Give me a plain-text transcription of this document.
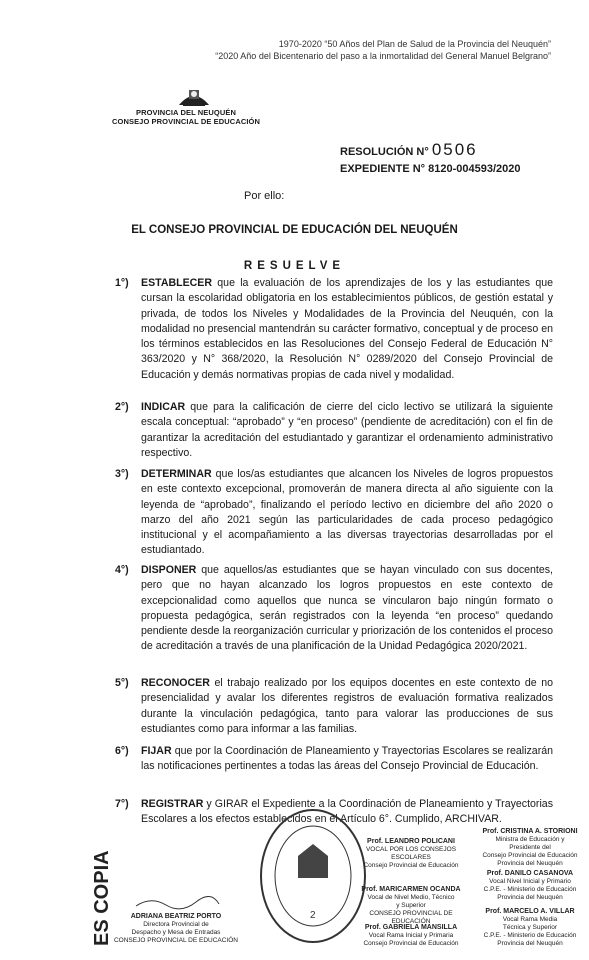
1970-2020 “50 Años del Plan de Salud de la Provincia del Neuquén”
“2020 Año del Bicentenario del paso a la inmortalidad del General Manuel Belgrano”
PROVINCIA DEL NEUQUÉN
CONSEJO PROVINCIAL DE EDUCACIÓN
RESOLUCIÓN N° 0506
EXPEDIENTE N° 8120-004593/2020
Por ello:
EL CONSEJO PROVINCIAL DE EDUCACIÓN DEL NEUQUÉN
RESUELVE
1°) ESTABLECER que la evaluación de los aprendizajes de los y las estudiantes que cursan la escolaridad obligatoria en los establecimientos públicos, de gestión estatal y privada, de todos los Niveles y Modalidades de la Provincia del Neuquén, con la modalidad no presencial mantendrán su carácter formativo, conceptual y de proceso en los términos establecidos en las Resoluciones del Consejo Federal de Educación N° 363/2020 y N° 368/2020, la Resolución N° 0289/2020 del Consejo Provincial de Educación y demás normativas propias de cada nivel y modalidad.
2°) INDICAR que para la calificación de cierre del ciclo lectivo se utilizará la siguiente escala conceptual: “aprobado” y “en proceso” (pendiente de acreditación) con el fin de garantizar la acreditación del estudiantado y garantizar el ordenamiento administrativo respectivo.
3°) DETERMINAR que los/as estudiantes que alcancen los Niveles de logros propuestos en este contexto excepcional, promoverán de manera directa al año siguiente con la leyenda de “aprobado”, finalizando el período lectivo en diciembre del año 2020 o marzo del año 2021 según las particularidades de cada proceso pedagógico institucional y el acompañamiento a las diversas trayectorias desarrolladas por el estudiantado.
4°) DISPONER que aquellos/as estudiantes que se hayan vinculado con sus docentes, pero que no hayan alcanzado los logros propuestos en este contexto de excepcionalidad como aquellos que nunca se vincularon bajo ningún formato o propuesta pedagógica, serán registrados con la leyenda “en proceso” quedando pendiente desde la reorganización curricular y priorización de los contenidos el proceso de acreditación a través de una planificación de la Unidad Pedagógica 2020/2021.
5°) RECONOCER el trabajo realizado por los equipos docentes en este contexto de no presencialidad y avalar los diferentes registros de evaluación formativa realizados durante la vinculación pedagógica, tanto para valorar las producciones de sus estudiantes como para informar a las familias.
6°) FIJAR que por la Coordinación de Planeamiento y Trayectorias Escolares se realizarán las notificaciones pertinentes a todas las áreas del Consejo Provincial de Educación.
7°) REGISTRAR y GIRAR el Expediente a la Coordinación de Planeamiento y Trayectorias Escolares a los efectos establecidos en el Artículo 6°. Cumplido, ARCHIVAR.
ES COPIA	ADRIANA BEATRIZ PORTO
Directora Provincial de
Despacho y Mesa de Entradas
CONSEJO PROVINCIAL DE EDUCACIÓN
2
Prof. LEANDRO POLICANI
VOCAL POR LOS CONSEJOS ESCOLARES
Consejo Provincial de Educación
Prof. MARICARMEN OCANDA
Vocal de Nivel Medio, Técnico
y Superior
CONSEJO PROVINCIAL DE EDUCACIÓN
Prof. GABRIELA MANSILLA
Vocal Rama Inicial y Primaria
Consejo Provincial de Educación
Prof. CRISTINA A. STORIONI
Ministra de Educación y
Presidente del
Consejo Provincial de Educación
Provincia del Neuquén
Prof. DANILO CASANOVA
Vocal Nivel Inicial y Primario
C.P.E. - Ministerio de Educación
Provincia del Neuquén
Prof. MARCELO A. VILLAR
Vocal Rama Media
Técnica y Superior
C.P.E. - Ministerio de Educación
Provincia del Neuquén
